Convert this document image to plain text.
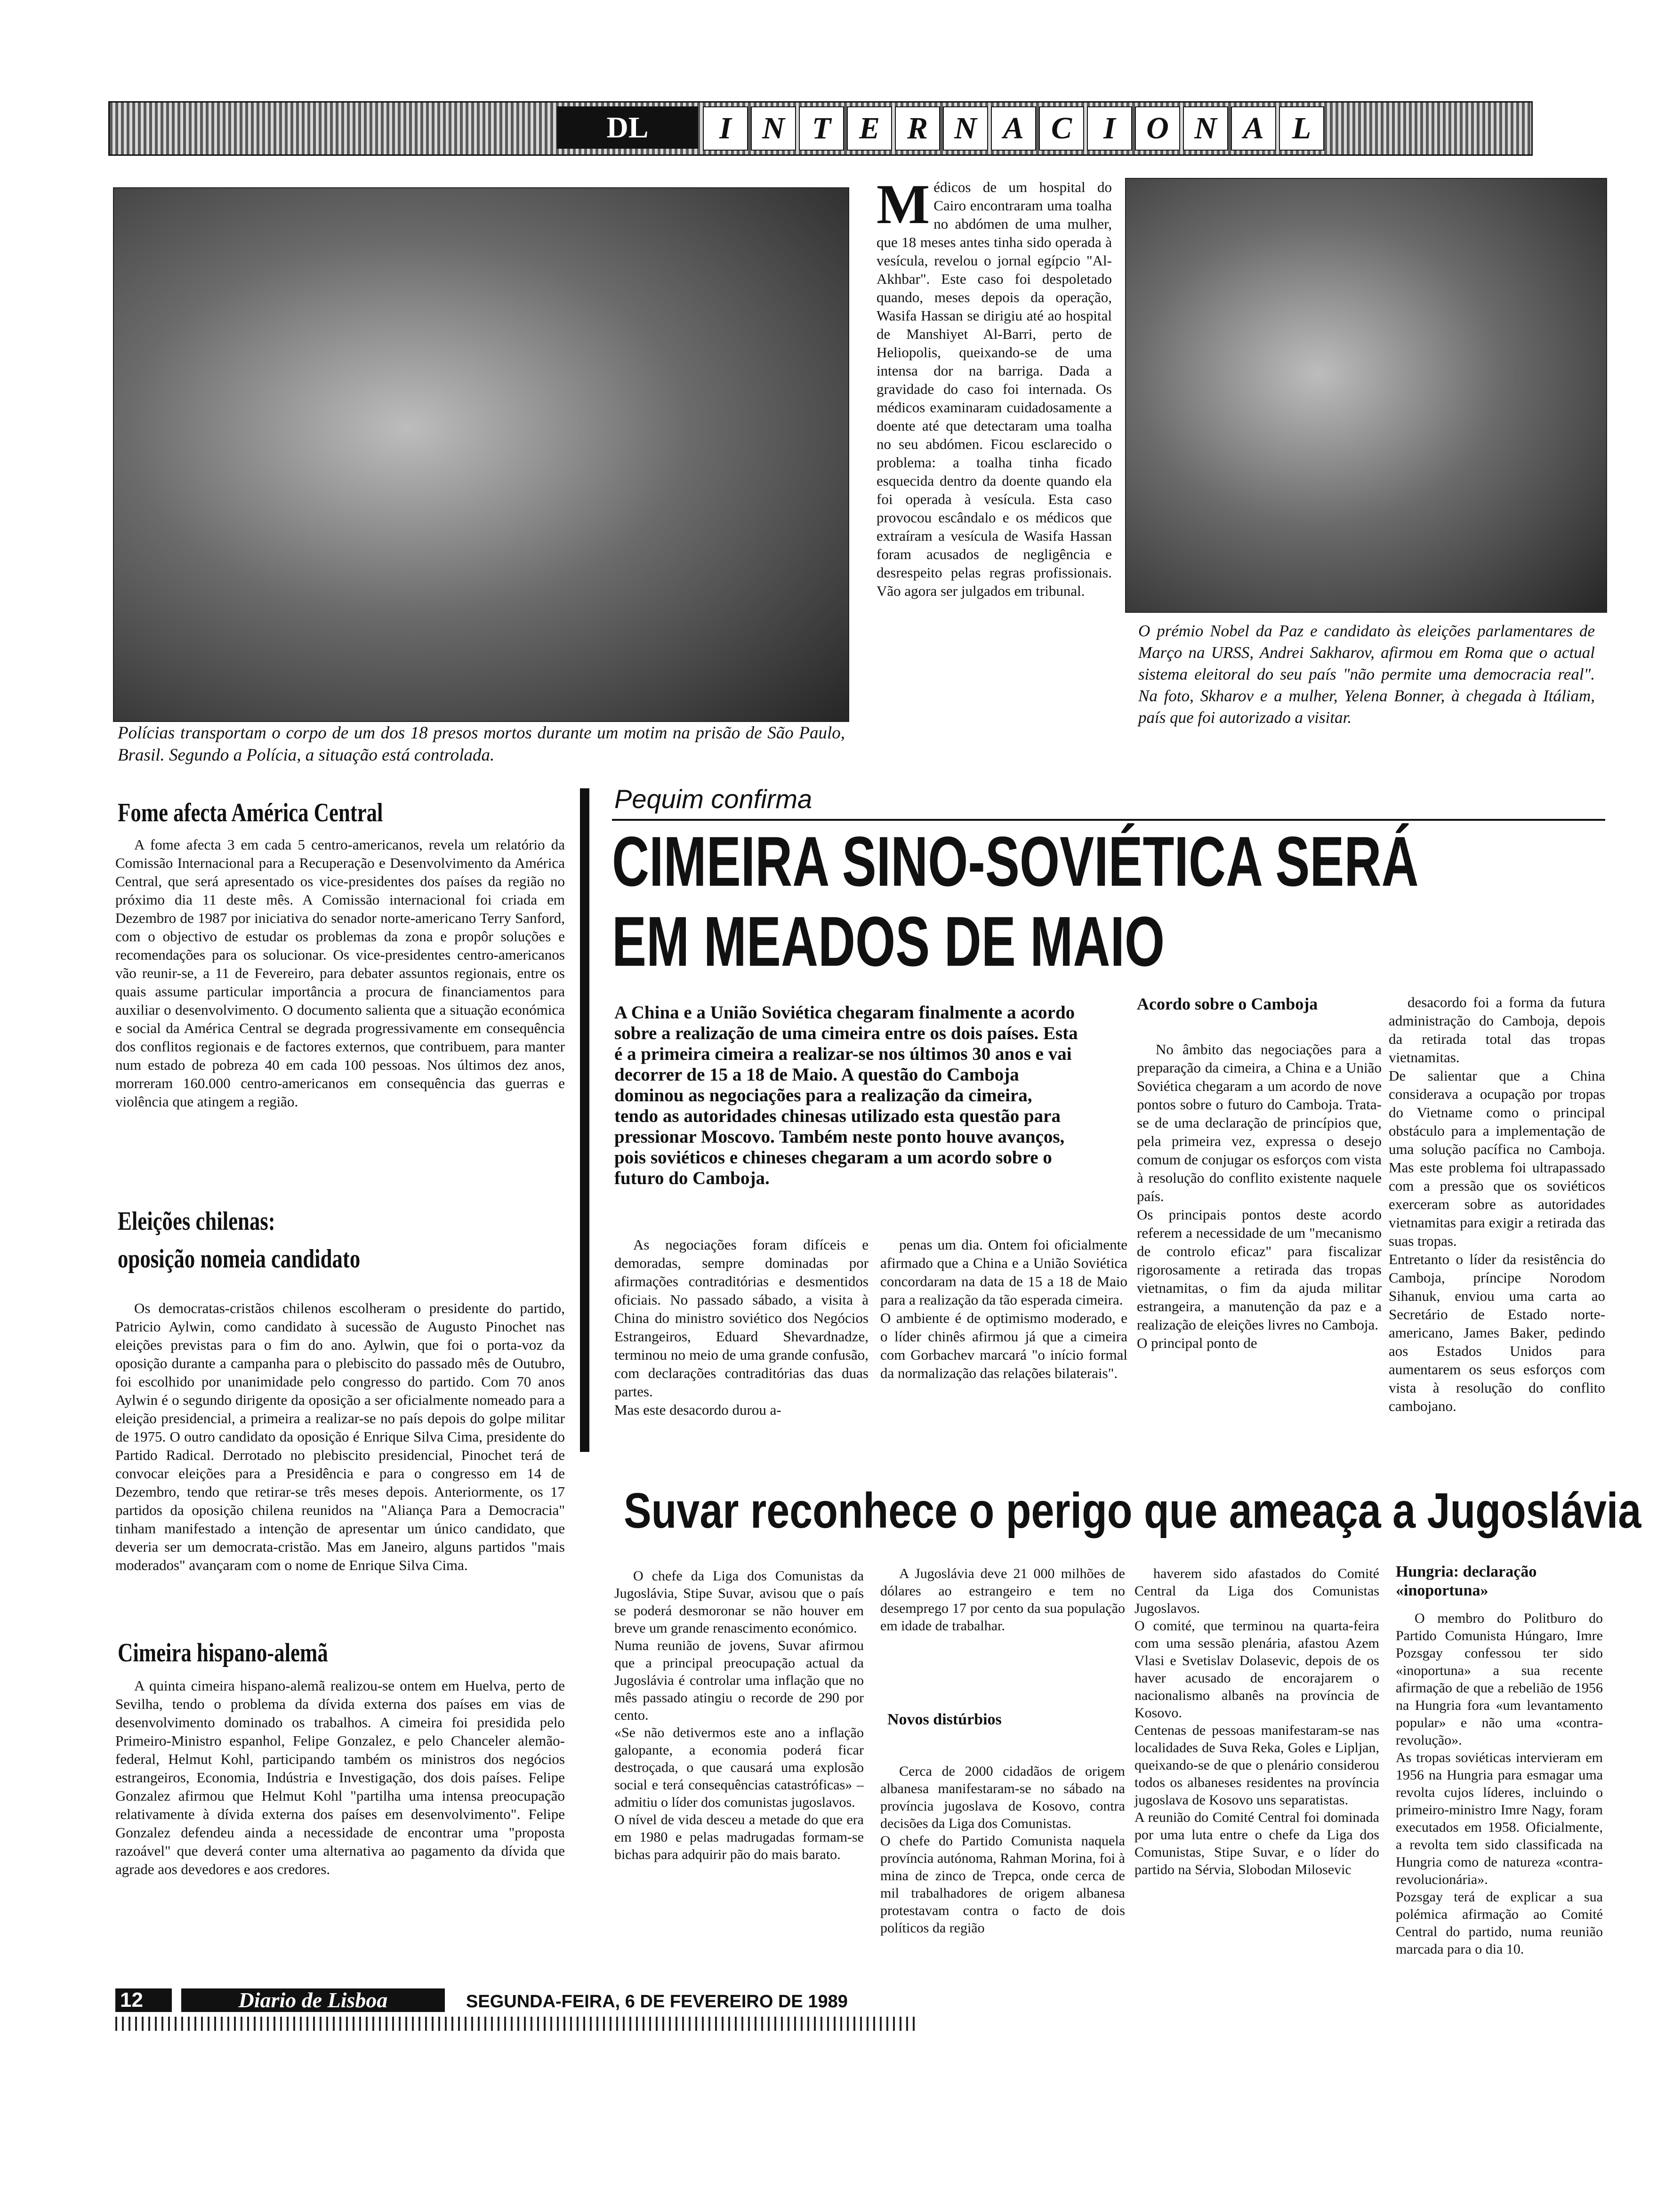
DL	I N T E R N A C	I O N A L
Polícias transportam o corpo de um dos 18 presos mortos durante um motim na prisão de São Paulo, Brasil. Segundo a Polícia, a situação está controlada.
M édicos de um hospital do Cairo encontraram uma toalha no abdómen de uma mulher, que 18 meses antes tinha sido operada à vesícula, revelou o jornal egípcio "Al-Akhbar". Este caso foi despoletado quando, meses depois da operação, Wasifa Hassan se dirigiu até ao hospital de Manshiyet Al-Barri, perto de Heliopolis, queixando-se de uma intensa dor na barriga. Dada a gravidade do caso foi internada. Os médicos examinaram cuidadosamente a doente até que detectaram uma toalha no seu abdómen. Ficou esclarecido o problema: a toalha tinha ficado esquecida dentro da doente quando ela foi operada à vesícula. Esta caso provocou escândalo e os médicos que extraíram a vesícula de Wasifa Hassan foram acusados de negligência e desrespeito pelas regras profissionais. Vão agora ser julgados em tribunal.
O prémio Nobel da Paz e candidato às eleições parlamentares de Março na URSS, Andrei Sakharov, afirmou em Roma que o actual sistema eleitoral do seu país "não permite uma democracia real". Na foto, Skharov e a mulher, Yelena Bonner, à chegada à Itáliam, país que foi autorizado a visitar.
Fome afecta América Central
A fome afecta 3 em cada 5 centro-americanos, revela um relatório da Comissão Internacional para a Recuperação e Desenvolvimento da América Central, que será apresentado os vice-presidentes dos países da região no próximo dia 11 deste mês. A Comissão internacional foi criada em Dezembro de 1987 por iniciativa do senador norte-americano Terry Sanford, com o objectivo de estudar os problemas da zona e propôr soluções e recomendações para os solucionar. Os vice-presidentes centro-americanos vão reunir-se, a 11 de Fevereiro, para debater assuntos regionais, entre os quais assume particular importância a procura de financiamentos para auxiliar o desenvolvimento. O documento salienta que a situação económica e social da América Central se degrada progressivamente em consequência dos conflitos regionais e de factores externos, que contribuem, para manter num estado de pobreza 40 em cada 100 pessoas. Nos últimos dez anos, morreram 160.000 centro-americanos em consequência das guerras e violência que atingem a região.
Eleições chilenas:
oposição nomeia candidato
Os democratas-cristãos chilenos escolheram o presidente do partido, Patricio Aylwin, como candidato à sucessão de Augusto Pinochet nas eleições previstas para o fim do ano. Aylwin, que foi o porta-voz da oposição durante a campanha para o plebiscito do passado mês de Outubro, foi escolhido por unanimidade pelo congresso do partido. Com 70 anos Aylwin é o segundo dirigente da oposição a ser oficialmente nomeado para a eleição presidencial, a primeira a realizar-se no país depois do golpe militar de 1975. O outro candidato da oposição é Enrique Silva Cima, presidente do Partido Radical. Derrotado no plebiscito presidencial, Pinochet terá de convocar eleições para a Presidência e para o congresso em 14 de Dezembro, tendo que retirar-se três meses depois. Anteriormente, os 17 partidos da oposição chilena reunidos na "Aliança Para a Democracia" tinham manifestado a intenção de apresentar um único candidato, que deveria ser um democrata-cristão. Mas em Janeiro, alguns partidos "mais moderados" avançaram com o nome de Enrique Silva Cima.
Cimeira hispano-alemã
A quinta cimeira hispano-alemã realizou-se ontem em Huelva, perto de Sevilha, tendo o problema da dívida externa dos países em vias de desenvolvimento dominado os trabalhos. A cimeira foi presidida pelo Primeiro-Ministro espanhol, Felipe Gonzalez, e pelo Chanceler alemão-federal, Helmut Kohl, participando também os ministros dos negócios estrangeiros, Economia, Indústria e Investigação, dos dois países. Felipe Gonzalez afirmou que Helmut Kohl "partilha uma intensa preocupação relativamente à dívida externa dos países em desenvolvimento". Felipe Gonzalez defendeu ainda a necessidade de encontrar uma "proposta razoável" que deverá conter uma alternativa ao pagamento da dívida que agrade aos devedores e aos credores.
Pequim confirma
CIMEIRA SINO-SOVIÉTICA SERÁ
EM MEADOS DE MAIO
A China e a União Soviética chegaram finalmente a acordo sobre a realização de uma cimeira entre os dois países. Esta é a primeira cimeira a realizar-se nos últimos 30 anos e vai decorrer de 15 a 18 de Maio. A questão do Camboja dominou as negociações para a realização da cimeira, tendo as autoridades chinesas utilizado esta questão para pressionar Moscovo. Também neste ponto houve avanços, pois soviéticos e chineses chegaram a um acordo sobre o futuro do Camboja.
As negociações foram difíceis e demoradas, sempre dominadas por afirmações contraditórias e desmentidos oficiais. No passado sábado, a visita à China do ministro soviético dos Negócios Estrangeiros, Eduard Shevardnadze, terminou no meio de uma grande confusão, com declarações contraditórias das duas partes.
Mas este desacordo durou a-
penas um dia. Ontem foi oficialmente afirmado que a China e a União Soviética concordaram na data de 15 a 18 de Maio para a realização da tão esperada cimeira.
O ambiente é de optimismo moderado, e o líder chinês afirmou já que a cimeira com Gorbachev marcará "o início formal da normalização das relações bilaterais".
Acordo sobre o Camboja
No âmbito das negociações para a preparação da cimeira, a China e a União Soviética chegaram a um acordo de nove pontos sobre o futuro do Camboja. Trata-se de uma declaração de princípios que, pela primeira vez, expressa o desejo comum de conjugar os esforços com vista à resolução do conflito existente naquele país.
Os principais pontos deste acordo referem a necessidade de um "mecanismo de controlo eficaz" para fiscalizar rigorosamente a retirada das tropas vietnamitas, o fim da ajuda militar estrangeira, a manutenção da paz e a realização de eleições livres no Camboja.
O principal ponto de
desacordo foi a forma da futura administração do Camboja, depois da retirada total das tropas vietnamitas.
De salientar que a China considerava a ocupação por tropas do Vietname como o principal obstáculo para a implementação de uma solução pacífica no Camboja. Mas este problema foi ultrapassado com a pressão que os soviéticos exerceram sobre as autoridades vietnamitas para exigir a retirada das suas tropas.
Entretanto o líder da resistência do Camboja, príncipe Norodom Sihanuk, enviou uma carta ao Secretário de Estado norte-americano, James Baker, pedindo aos Estados Unidos para aumentarem os seus esforços com vista à resolução do conflito cambojano.
Suvar reconhece o perigo que ameaça a Jugoslávia
O chefe da Liga dos Comunistas da Jugoslávia, Stipe Suvar, avisou que o país se poderá desmoronar se não houver em breve um grande renascimento económico.
Numa reunião de jovens, Suvar afirmou que a principal preocupação actual da Jugoslávia é controlar uma inflação que no mês passado atingiu o recorde de 290 por cento.
«Se não detivermos este ano a inflação galopante, a economia poderá ficar destroçada, o que causará uma explosão social e terá consequências catastróficas» – admitiu o líder dos comunistas jugoslavos.
O nível de vida desceu a metade do que era em 1980 e pelas madrugadas formam-se bichas para adquirir pão do mais barato.
A Jugoslávia deve 21 000 milhões de dólares ao estrangeiro e tem no desemprego 17 por cento da sua população em idade de trabalhar.
Novos distúrbios
Cerca de 2000 cidadãos de origem albanesa manifestaram-se no sábado na província jugoslava de Kosovo, contra decisões da Liga dos Comunistas.
O chefe do Partido Comunista naquela província autónoma, Rahman Morina, foi à mina de zinco de Trepca, onde cerca de mil trabalhadores de origem albanesa protestavam contra o facto de dois políticos da região
haverem sido afastados do Comité Central da Liga dos Comunistas Jugoslavos.
O comité, que terminou na quarta-feira com uma sessão plenária, afastou Azem Vlasi e Svetislav Dolasevic, depois de os haver acusado de encorajarem o nacionalismo albanês na província de Kosovo.
Centenas de pessoas manifestaram-se nas localidades de Suva Reka, Goles e Lipljan, queixando-se de que o plenário considerou todos os albaneses residentes na província jugoslava de Kosovo uns separatistas.
A reunião do Comité Central foi dominada por uma luta entre o chefe da Liga dos Comunistas, Stipe Suvar, e o líder do partido na Sérvia, Slobodan Milosevic
Hungria: declaração «inoportuna»
O membro do Politburo do Partido Comunista Húngaro, Imre Pozsgay confessou ter sido «inoportuna» a sua recente afirmação de que a rebelião de 1956 na Hungria fora «um levantamento popular» e não uma «contra-revolução».
As tropas soviéticas intervieram em 1956 na Hungria para esmagar uma revolta cujos líderes, incluindo o primeiro-ministro Imre Nagy, foram executados em 1958. Oficialmente, a revolta tem sido classificada na Hungria como de natureza «contra-revolucionária».
Pozsgay terá de explicar a sua polémica afirmação ao Comité Central do partido, numa reunião marcada para o dia 10.
12	Diario de Lisboa	SEGUNDA-FEIRA, 6 DE FEVEREIRO DE 1989
